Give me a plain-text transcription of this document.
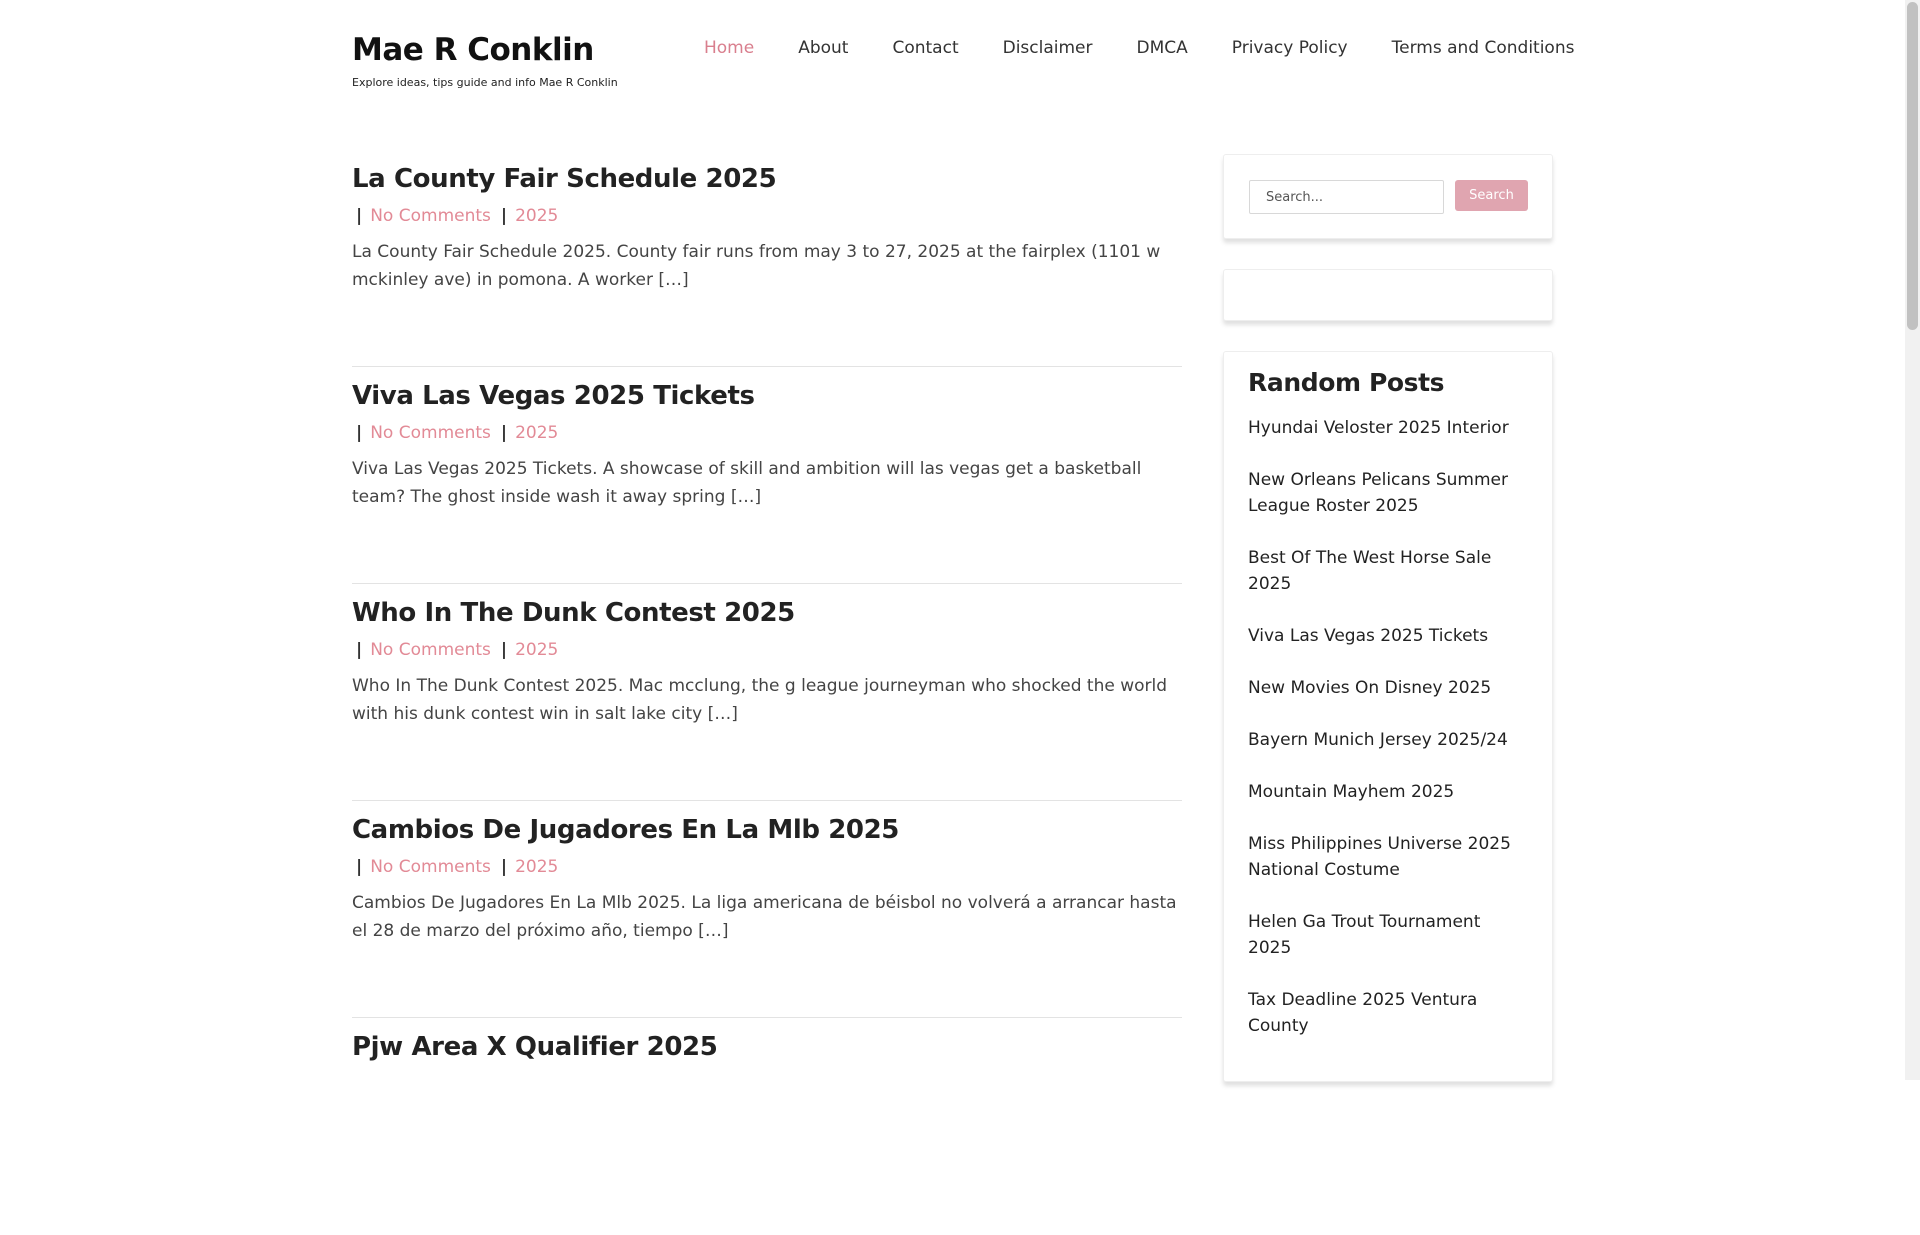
Mae R Conklin
Explore ideas, tips guide and info Mae R Conklin
Home	About	Contact	Disclaimer	DMCA	Privacy Policy	Terms and Conditions
La County Fair Schedule 2025
| No Comments | 2025

La County Fair Schedule 2025. County fair runs from may 3 to 27, 2025 at the fairplex (1101 w mckinley ave) in pomona. A worker […]

Viva Las Vegas 2025 Tickets
| No Comments | 2025

Viva Las Vegas 2025 Tickets. A showcase of skill and ambition will las vegas get a basketball team? The ghost inside wash it away spring […]

Who In The Dunk Contest 2025
| No Comments | 2025

Who In The Dunk Contest 2025. Mac mcclung, the g league journeyman who shocked the world with his dunk contest win in salt lake city […]

Cambios De Jugadores En La Mlb 2025
| No Comments | 2025

Cambios De Jugadores En La Mlb 2025. La liga americana de béisbol no volverá a arrancar hasta el 28 de marzo del próximo año, tiempo […]

Pjw Area X Qualifier 2025
Search...
Search
Random Posts
Hyundai Veloster 2025 Interior
New Orleans Pelicans Summer League Roster 2025
Best Of The West Horse Sale 2025
Viva Las Vegas 2025 Tickets
New Movies On Disney 2025
Bayern Munich Jersey 2025/24
Mountain Mayhem 2025
Miss Philippines Universe 2025 National Costume
Helen Ga Trout Tournament 2025
Tax Deadline 2025 Ventura County
